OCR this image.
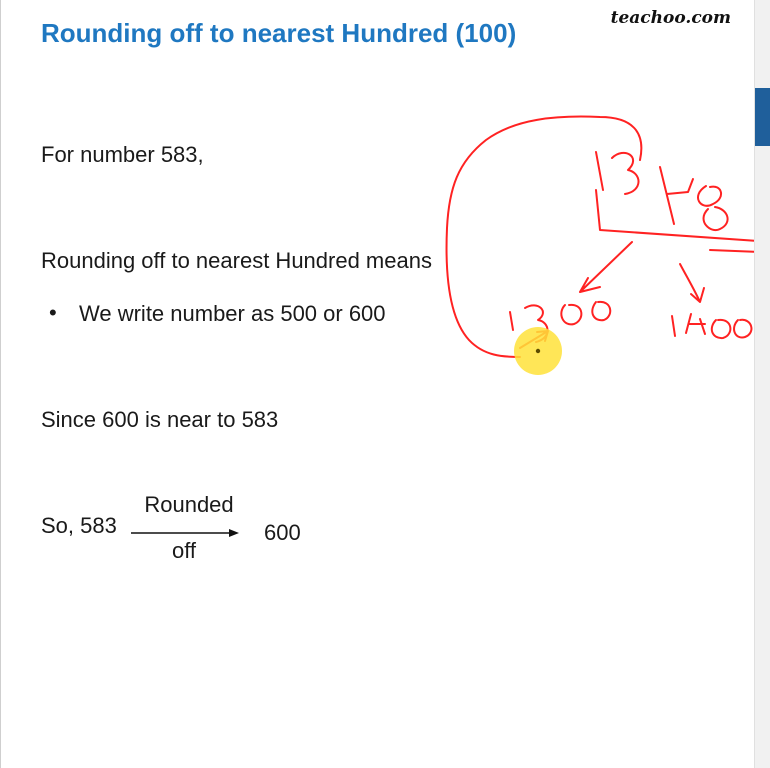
teachoo.com
Rounding off to nearest Hundred (100)
For number 583,
Rounding off to nearest Hundred means
• We write number as 500 or 600
Since 600 is near to 583
So, 583
Rounded
off
600
